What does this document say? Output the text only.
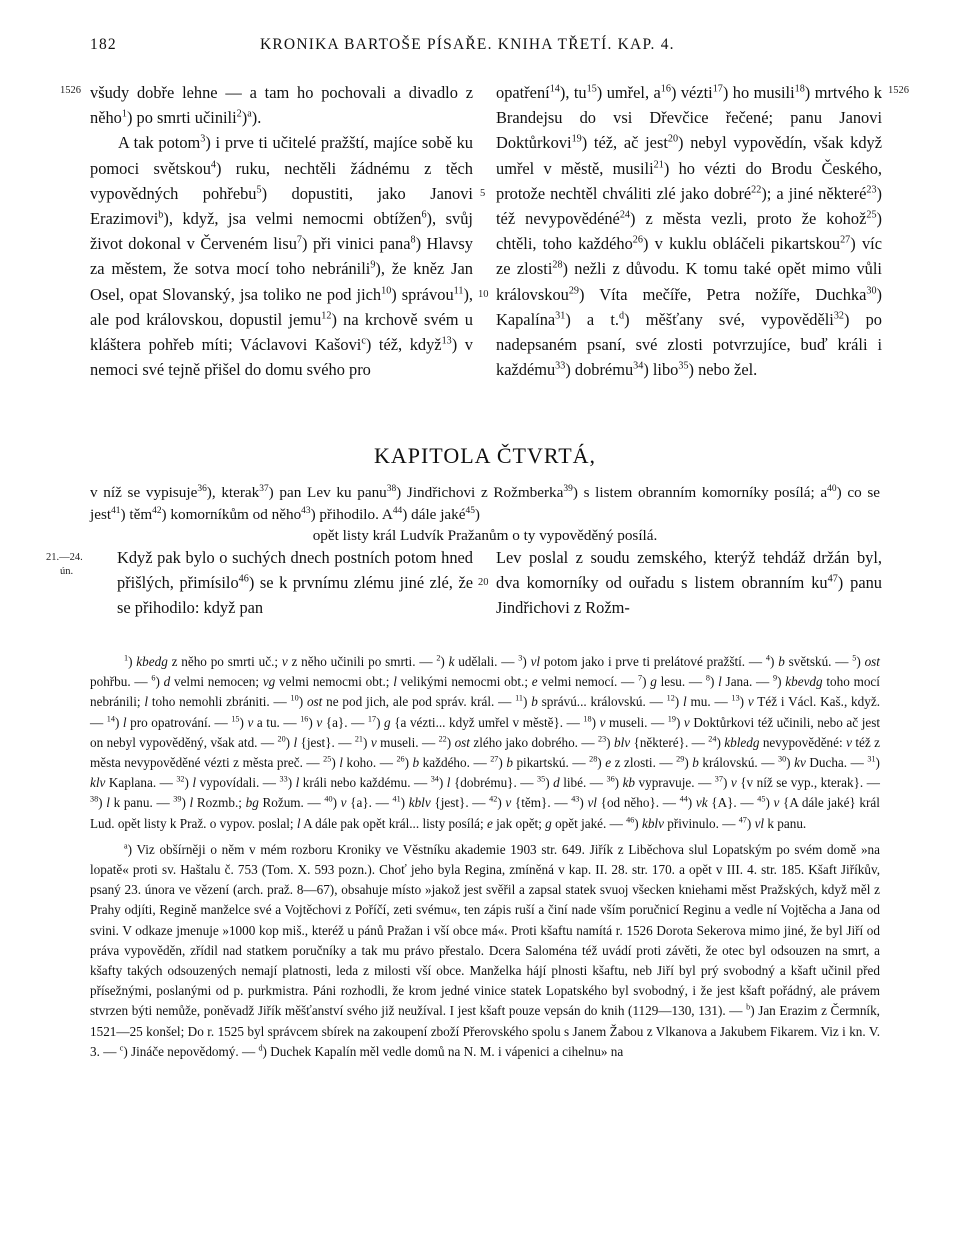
182	KRONIKA BARTOŠE PÍSAŘE. KNIHA TŘETÍ. KAP. 4.
1526	1526
5
10

všudy dobře lehne — a tam ho pochovali a divadlo z něho$^1$) po smrti učinili$^2$)$^a$).

A tak potom$^3$) i prve ti učitelé pražští, majíce sobě ku pomoci světskou$^4$) ruku, nechtěli žádnému z těch vypovědných pohřebu$^5$) dopustiti, jako Janovi Erazimovi$^b$), když, jsa velmi nemocmi obtížen$^6$), svůj život dokonal v Červeném lisu$^7$) při vinici pana$^8$) Hlavsy za městem, že sotva mocí toho nebránili$^9$), že kněz Jan Osel, opat Slovanský, jsa toliko ne pod jich$^{10}$) správou$^{11}$), ale pod královskou, dopustil jemu$^{12}$) na krchově svém u kláštera pohřeb míti; Václavovi Kašovi$^c$) též, když$^{13}$) v nemoci své tejně přišel do domu svého pro

opatření$^{14}$), $tu^{15}$) umřel, $a^{16}$) vézti$^{17}$) ho musili$^{18}$) mrtvého k Brandejsu do vsi Dřevčice řečené; panu Janovi Doktůrkovi$^{19}$) též, ač jest$^{20}$) nebyl vypovědín, však když umřel v městě, musili$^{21}$) ho vézti do Brodu Českého, protože nechtěl chváliti zlé jako dobré$^{22}$); a jiné některé$^{23}$) též nevypovědéné$^{24}$) z města vezli, proto že kohož$^{25}$) chtěli, toho každého$^{26}$) v kuklu obláčeli pikartskou$^{27}$) víc ze zlosti$^{28}$) nežli z důvodu. K tomu také opět mimo vůli královskou$^{29}$) Víta mečíře, Petra nožíře, Duchka$^{30}$) Kapalína$^{31}$) a t.$^d$) měšťany své, vypověděli$^{32}$) po nadepsaném psaní, své zlosti potvrzujíce, buď králi i každému$^{33}$) dobrému$^{34}$) libo$^{35}$) nebo žel.

KAPITOLA ČTVRTÁ,

v níž se vypisuje$^{36}$), kterak$^{37}$) pan Lev ku panu$^{38}$) Jindřichovi z Rožmberka$^{39}$) s listem obranním komorníky posílá; $a^{40}$) co se jest$^{41}$) těm$^{42}$) komorníkům od něho$^{43}$) přihodilo. $A^{44}$) dále jaké$^{45}$)

opět listy král Ludvík Pražanům o ty vypověděný posílá.

21.—24.
ún.
20

Když pak bylo o suchých dnech postních potom hned přišlých, přimísilo$^{46}$) se k prvnímu zlému jiné zlé, že se přihodilo: když pan

Lev poslal z soudu zemského, kterýž tehdáž držán byl, dva komorníky od ouřadu s listem obranním $ku^{47}$) panu Jindřichovi z Rožm-

$^1$) kbedg z něho po smrti uč.; v z něho učinili po smrti. — $^2$) k udělali. — $^3$) vl potom jako i prve ti prelátové pražští. — $^4$) b světskú. — $^5$) ost pohřbu. — $^6$) d velmi nemocen; vg velmi nemocmi obt.; l velikými nemocmi obt.; e velmi nemocí. — $^7$) g lesu. — $^8$) l Jana. — $^9$) kbevdg toho mocí nebránili; l toho nemohli zbrániti. — $^{10}$) ost ne pod jich, ale pod správ. král. — $^{11}$) b správú... královskú. — $^{12}$) l mu. — $^{13}$) v Též i Václ. Kaš., když. — $^{14}$) l pro opatrování. — $^{15}$) v a tu. — $^{16}$) v {a}. — $^{17}$) g {a vézti... když umřel v městě}. — $^{18}$) v museli. — $^{19}$) v Doktůrkovi též učinili, nebo ač jest on nebyl vypověděný, však atd. — $^{20}$) l {jest}. — $^{21}$) v museli. — $^{22}$) ost zlého jako dobrého. — $^{23}$) blv {některé}. — $^{24}$) kbledg nevypověděné: v též z města nevypověděné vézti z města preč. — $^{25}$) l koho. — $^{26}$) b každého. — $^{27}$) b pikartskú. — $^{28}$) e z zlosti. — $^{29}$) b královskú. — $^{30}$) kv Ducha. — $^{31}$) klv Kaplana. — $^{32}$) l vypovídali. — $^{33}$) l králi nebo každému. — $^{34}$) l {dobrému}. — $^{35}$) d libé. — $^{36}$) kb vypravuje. — $^{37}$) v {v níž se vyp., kterak}. — $^{38}$) l k panu. — $^{39}$) l Rozmb.; bg Rožum. — $^{40}$) v {a}. — $^{41}$) kblv {jest}. — $^{42}$) v {těm}. — $^{43}$) vl {od něho}. — $^{44}$) vk {A}. — $^{45}$) v {A dále jaké} král Lud. opět listy k Praž. o vypov. poslal; l A dále pak opět král... listy posílá; e jak opět; g opět jaké. — $^{46}$) kblv přivinulo. — $^{47}$) vl k panu.

$^a$) Viz obšírněji o něm v mém rozboru Kroniky ve Věstníku akademie 1903 str. 649. Jiřík z Liběchova slul Lopatským po svém domě »na lopatě« proti sv. Haštalu č. 753 (Tom. X. 593 pozn.). Choť jeho byla Regina, zmíněná v kap. II. 28. str. 170. a opět v III. 4. str. 185. Kšaft Jiříkův, psaný 23. února ve vězení (arch. praž. 8—67), obsahuje místo »jakož jest svěřil a zapsal statek svuoj všecken kniehami měst Pražských, když měl z Prahy odjíti, Regině manželce své a Vojtěchovi z Poříčí, zeti svému«, ten zápis ruší a činí nade vším poručnicí Reginu a vedle ní Vojtěcha a Jana od svini. V odkaze jmenuje »1000 kop miš., kteréž u pánů Pražan i vší obce má«. Proti kšaftu namítá r. 1526 Dorota Sekerova mimo jiné, že byl Jiří od práva vypověděn, zřídil nad statkem poručníky a tak mu právo přestalo. Dcera Saloména též uvádí proti závěti, že otec byl odsouzen na smrt, a kšafty takých odsouzených nemají platnosti, leda z milosti vší obce. Manželka hájí plnosti kšaftu, neb Jiří byl prý svobodný a kšaft učinil před přísežnými, poslanými od p. purkmistra. Páni rozhodli, že krom jedné vinice statek Lopatského byl svobodný, i že jest kšaft pořádný, ale právem stvrzen býti nemůže, poněvadž Jiřík měšťanství svého již neužíval. I jest kšaft pouze vepsán do knih (1129—130, 131). — $^b$) Jan Erazim z Čermník, 1521—25 konšel; Do r. 1525 byl správcem sbírek na zakoupení zboží Přerovského spolu s Janem Žabou z Vlkanova a Jakubem Fikarem. Viz i kn. V. 3. — $^c$) Jináče nepovědomý. — $^d$) Duchek Kapalín měl vedle domů na N. M. i vápenici a cihelnu» na
